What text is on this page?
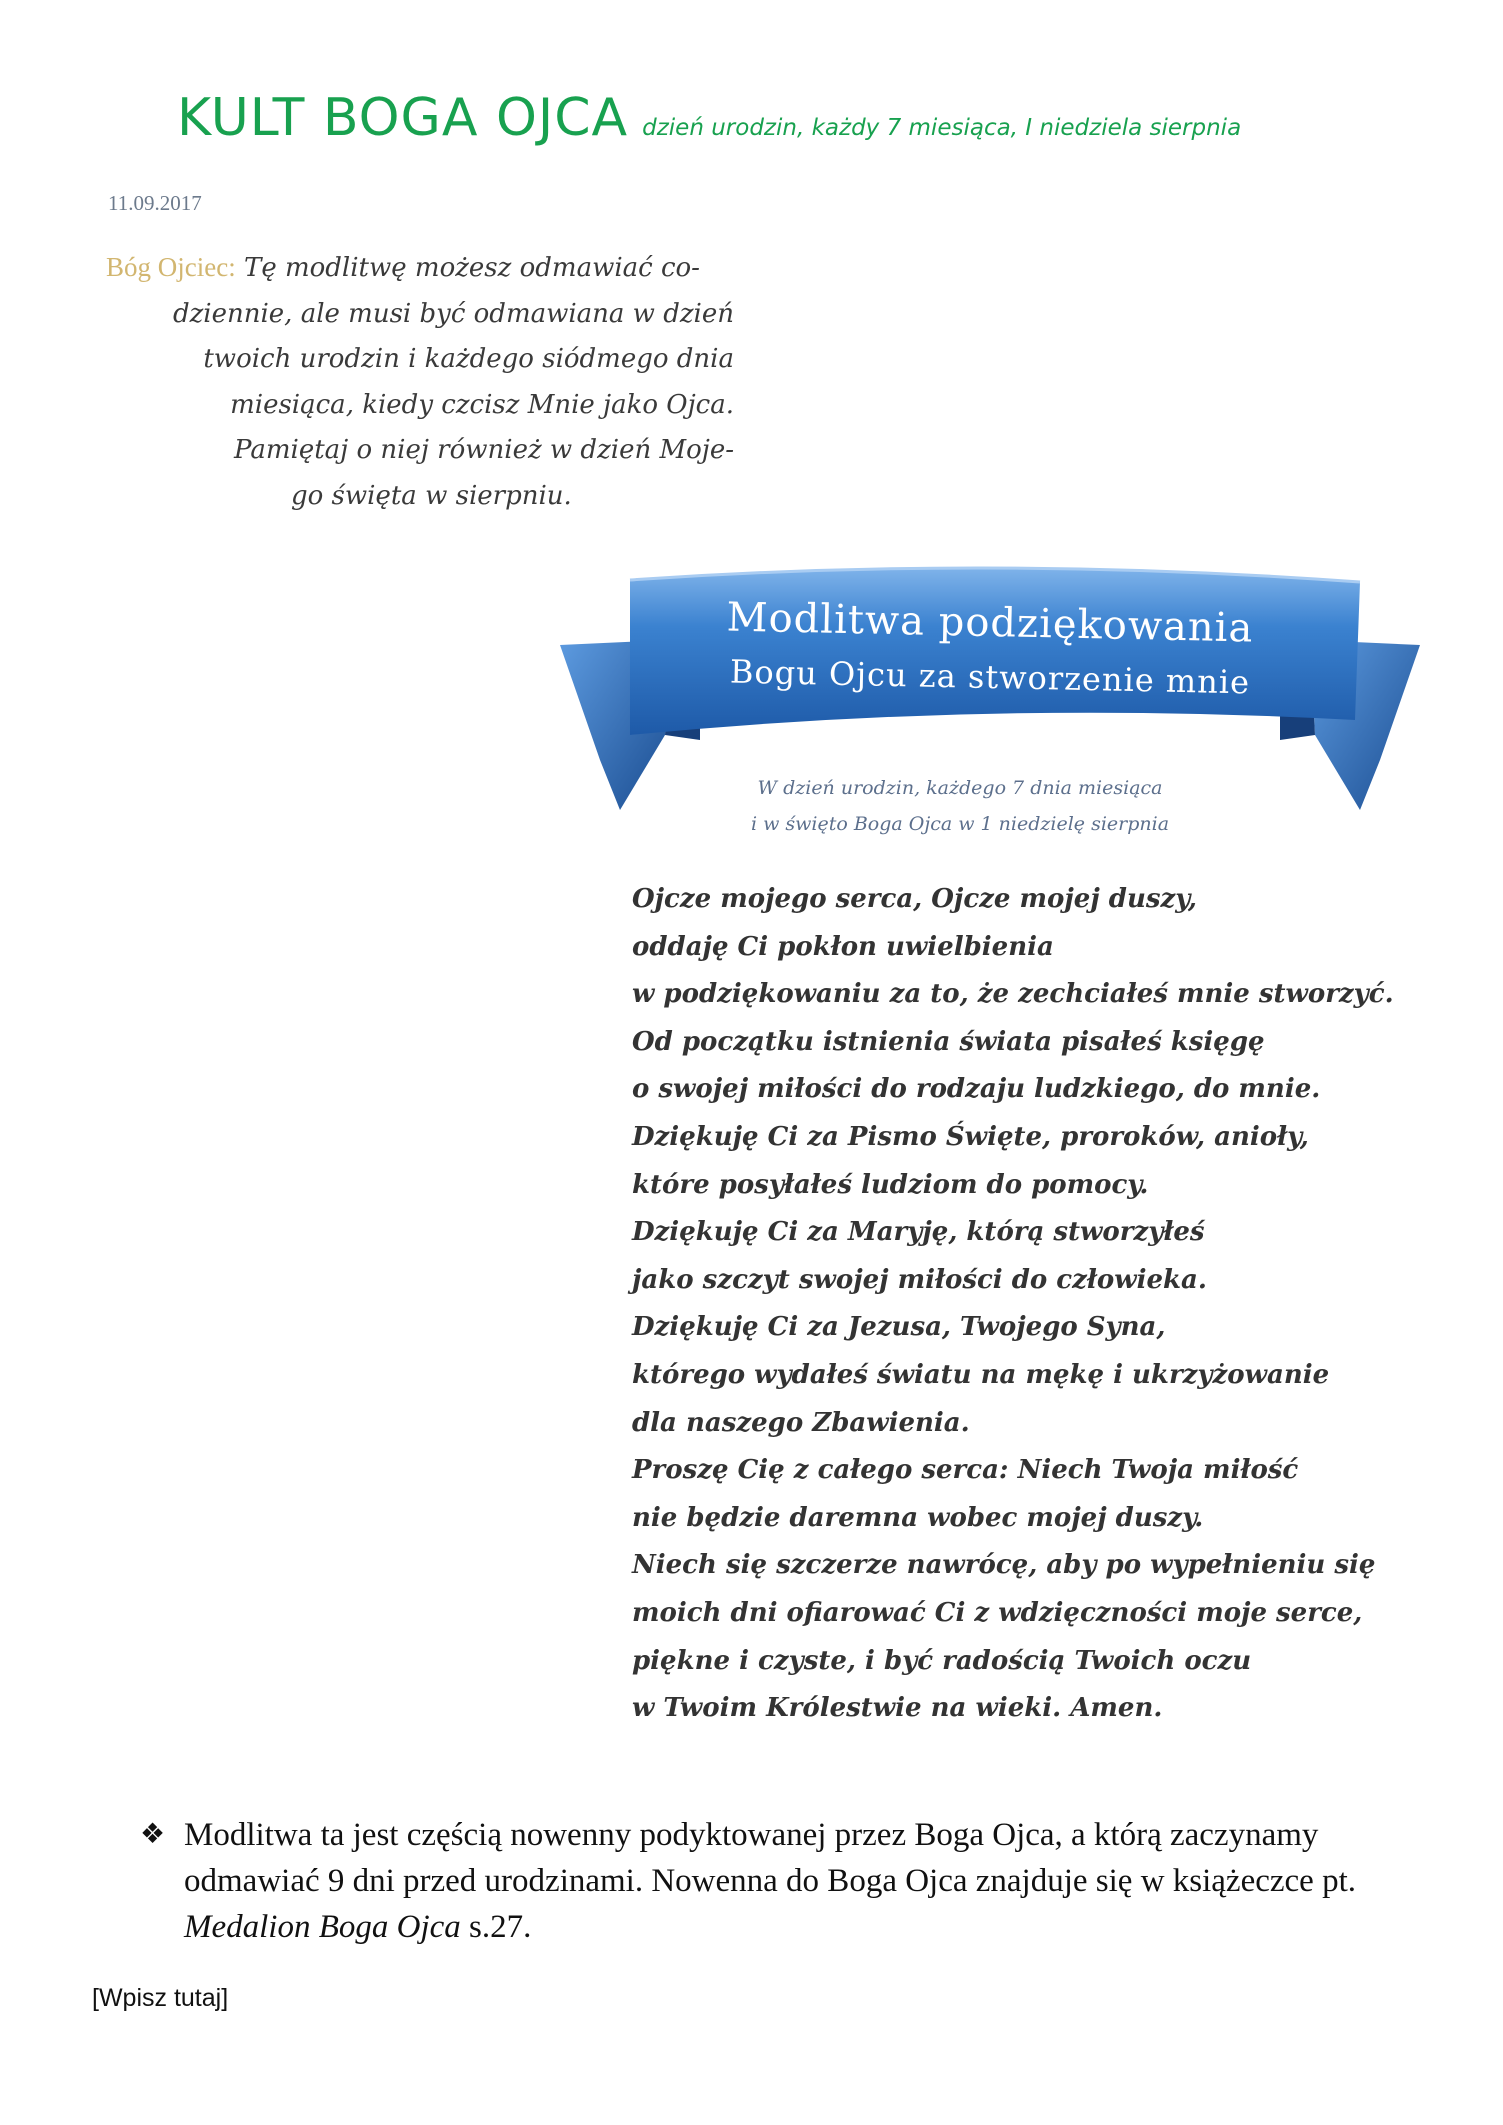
KULT BOGA OJCA dzień urodzin, każdy 7 miesiąca, I niedziela sierpnia
11.09.2017
Bóg Ojciec: Tę modlitwę możesz odmawiać co-
dziennie, ale musi być odmawiana w dzień
twoich urodzin i każdego siódmego dnia
miesiąca, kiedy czcisz Mnie jako Ojca.
Pamiętaj o niej również w dzień Moje-
go święta w sierpniu.
Modlitwa podziękowania
Bogu Ojcu za stworzenie mnie
W dzień urodzin, każdego 7 dnia miesiąca
i w święto Boga Ojca w 1 niedzielę sierpnia
Ojcze mojego serca, Ojcze mojej duszy,
oddaję Ci pokłon uwielbienia
w podziękowaniu za to, że zechciałeś mnie stworzyć.
Od początku istnienia świata pisałeś księgę
o swojej miłości do rodzaju ludzkiego, do mnie.
Dziękuję Ci za Pismo Święte, proroków, anioły,
które posyłałeś ludziom do pomocy.
Dziękuję Ci za Maryję, którą stworzyłeś
jako szczyt swojej miłości do człowieka.
Dziękuję Ci za Jezusa, Twojego Syna,
którego wydałeś światu na mękę i ukrzyżowanie
dla naszego Zbawienia.
Proszę Cię z całego serca: Niech Twoja miłość
nie będzie daremna wobec mojej duszy.
Niech się szczerze nawrócę, aby po wypełnieniu się
moich dni ofiarować Ci z wdzięczności moje serce,
piękne i czyste, i być radością Twoich oczu
w Twoim Królestwie na wieki. Amen.
❖ Modlitwa ta jest częścią nowenny podyktowanej przez Boga Ojca, a którą zaczynamy odmawiać 9 dni przed urodzinami. Nowenna do Boga Ojca znajduje się w książeczce pt. Medalion Boga Ojca s.27.
[Wpisz tutaj]
